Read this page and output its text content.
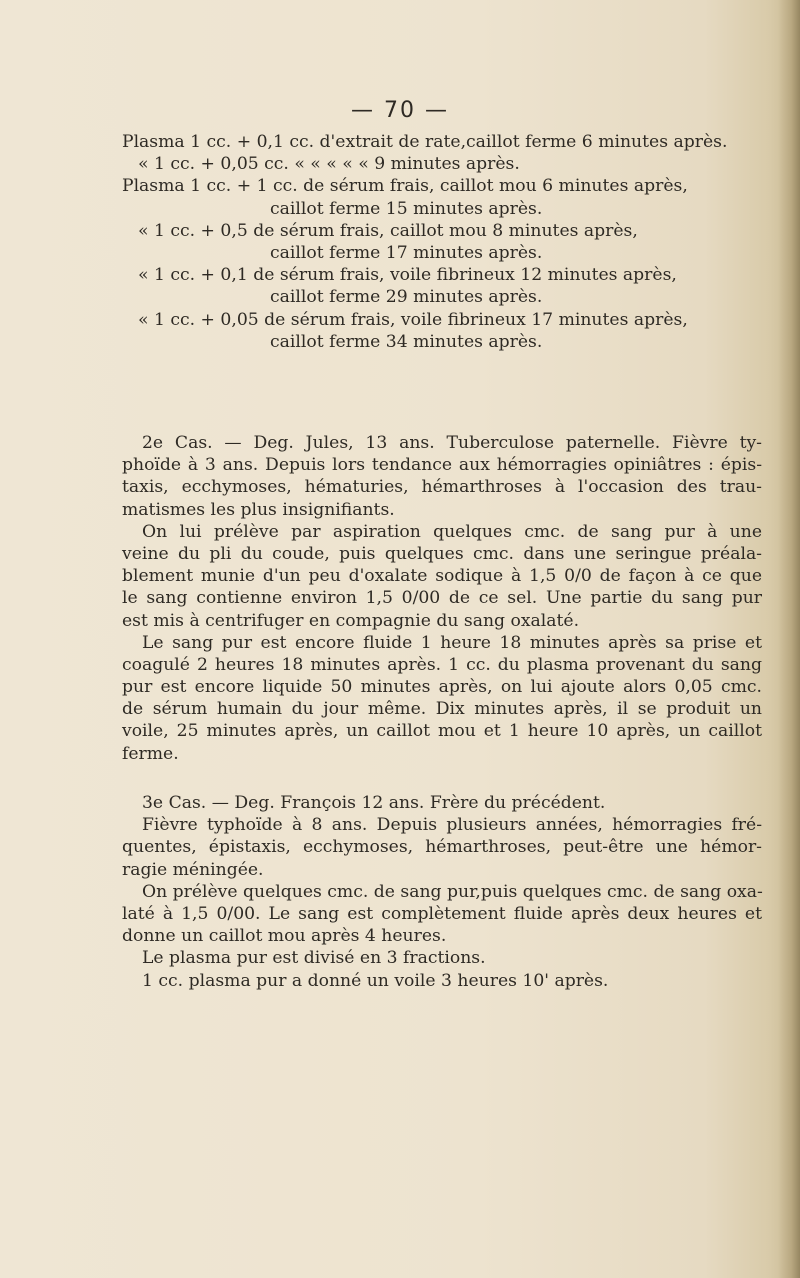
— 70 —
Plasma 1 cc. + 0,1 cc. d'extrait de rate,caillot ferme 6 minutes après.
« 1 cc. + 0,05 cc. « « « « « 9 minutes après.
Plasma 1 cc. + 1 cc. de sérum frais, caillot mou 6 minutes après,
caillot ferme 15 minutes après.
« 1 cc. + 0,5 de sérum frais, caillot mou 8 minutes après,
caillot ferme 17 minutes après.
« 1 cc. + 0,1 de sérum frais, voile fibrineux 12 minutes après,
caillot ferme 29 minutes après.
« 1 cc. + 0,05 de sérum frais, voile fibrineux 17 minutes après,
caillot ferme 34 minutes après.
2e Cas. — Deg. Jules, 13 ans. Tuberculose paternelle. Fièvre ty-
phoïde à 3 ans. Depuis lors tendance aux hémorragies opiniâtres : épis-
taxis, ecchymoses, hématuries, hémarthroses à l'occasion des trau-
matismes les plus insignifiants.
On lui prélève par aspiration quelques cmc. de sang pur à une
veine du pli du coude, puis quelques cmc. dans une seringue préala-
blement munie d'un peu d'oxalate sodique à 1,5 0/0 de façon à ce que
le sang contienne environ 1,5 0/00 de ce sel. Une partie du sang pur
est mis à centrifuger en compagnie du sang oxalaté.
Le sang pur est encore fluide 1 heure 18 minutes après sa prise et
coagulé 2 heures 18 minutes après. 1 cc. du plasma provenant du sang
pur est encore liquide 50 minutes après, on lui ajoute alors 0,05 cmc.
de sérum humain du jour même. Dix minutes après, il se produit un
voile, 25 minutes après, un caillot mou et 1 heure 10 après, un caillot
ferme.
3e Cas. — Deg. François 12 ans. Frère du précédent.
Fièvre typhoïde à 8 ans. Depuis plusieurs années, hémorragies fré-
quentes, épistaxis, ecchymoses, hémarthroses, peut-être une hémor-
ragie méningée.
On prélève quelques cmc. de sang pur,puis quelques cmc. de sang oxa-
laté à 1,5 0/00. Le sang est complètement fluide après deux heures et
donne un caillot mou après 4 heures.
Le plasma pur est divisé en 3 fractions.
1 cc. plasma pur a donné un voile 3 heures 10' après.
